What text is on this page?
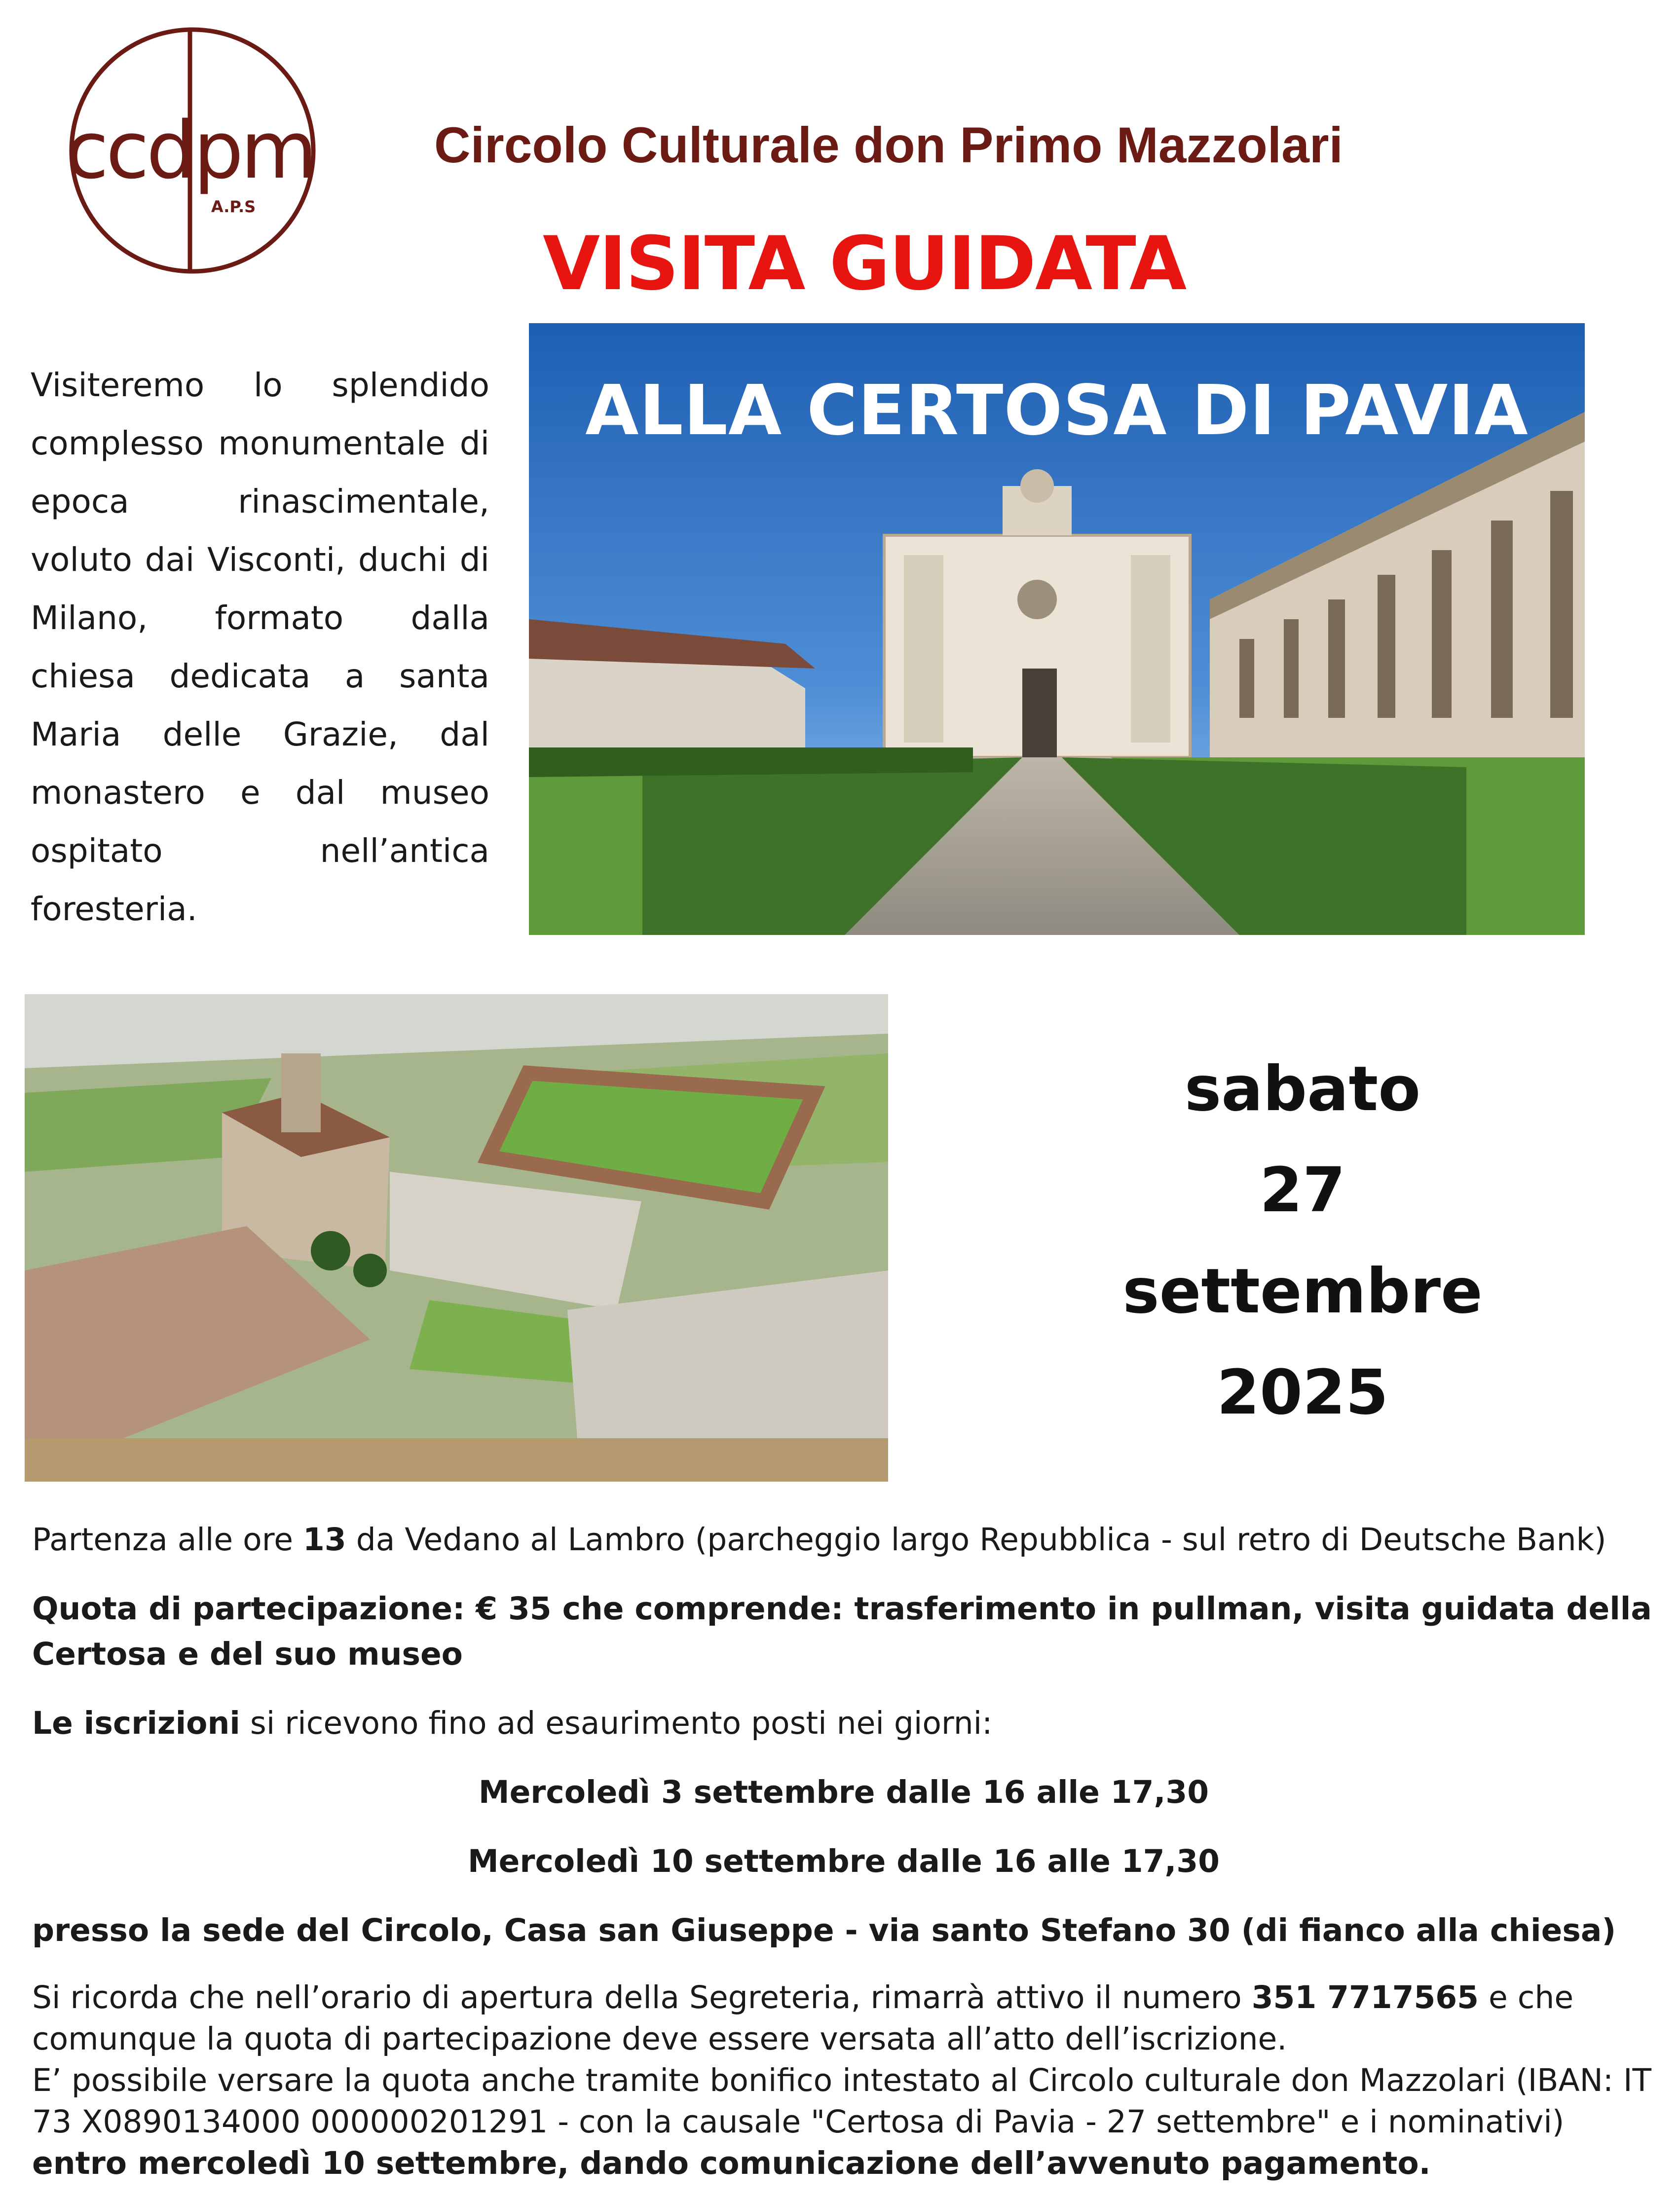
ccdpm
A.P.S
Circolo Culturale don Primo Mazzolari
VISITA GUIDATA
Visiteremo lo splendido complesso monumentale di epoca rinascimentale, voluto dai Visconti, duchi di Milano, formato dalla chiesa dedicata a santa Maria delle Grazie, dal monastero e dal museo ospitato nell’antica foresteria.
ALLA CERTOSA DI PAVIA
sabato
27
settembre
2025

Partenza alle ore 13 da Vedano al Lambro (parcheggio largo Repubblica - sul retro di Deutsche Bank)

Quota di partecipazione: € 35 che comprende: trasferimento in pullman, visita guidata della Certosa e del suo museo

Le iscrizioni si ricevono fino ad esaurimento posti nei giorni:

Mercoledì 3 settembre dalle 16 alle 17,30

Mercoledì 10 settembre dalle 16 alle 17,30

presso la sede del Circolo, Casa san Giuseppe - via santo Stefano 30 (di fianco alla chiesa)

Si ricorda che nell’orario di apertura della Segreteria, rimarrà attivo il numero 351 7717565 e che comunque la quota di partecipazione deve essere versata all’atto dell’iscrizione.

E’ possibile versare la quota anche tramite bonifico intestato al Circolo culturale don Mazzolari (IBAN: IT 73 X0890134000 000000201291 - con la causale "Certosa di Pavia - 27 settembre" e i nominativi) entro mercoledì 10 settembre, dando comunicazione dell’avvenuto pagamento.
